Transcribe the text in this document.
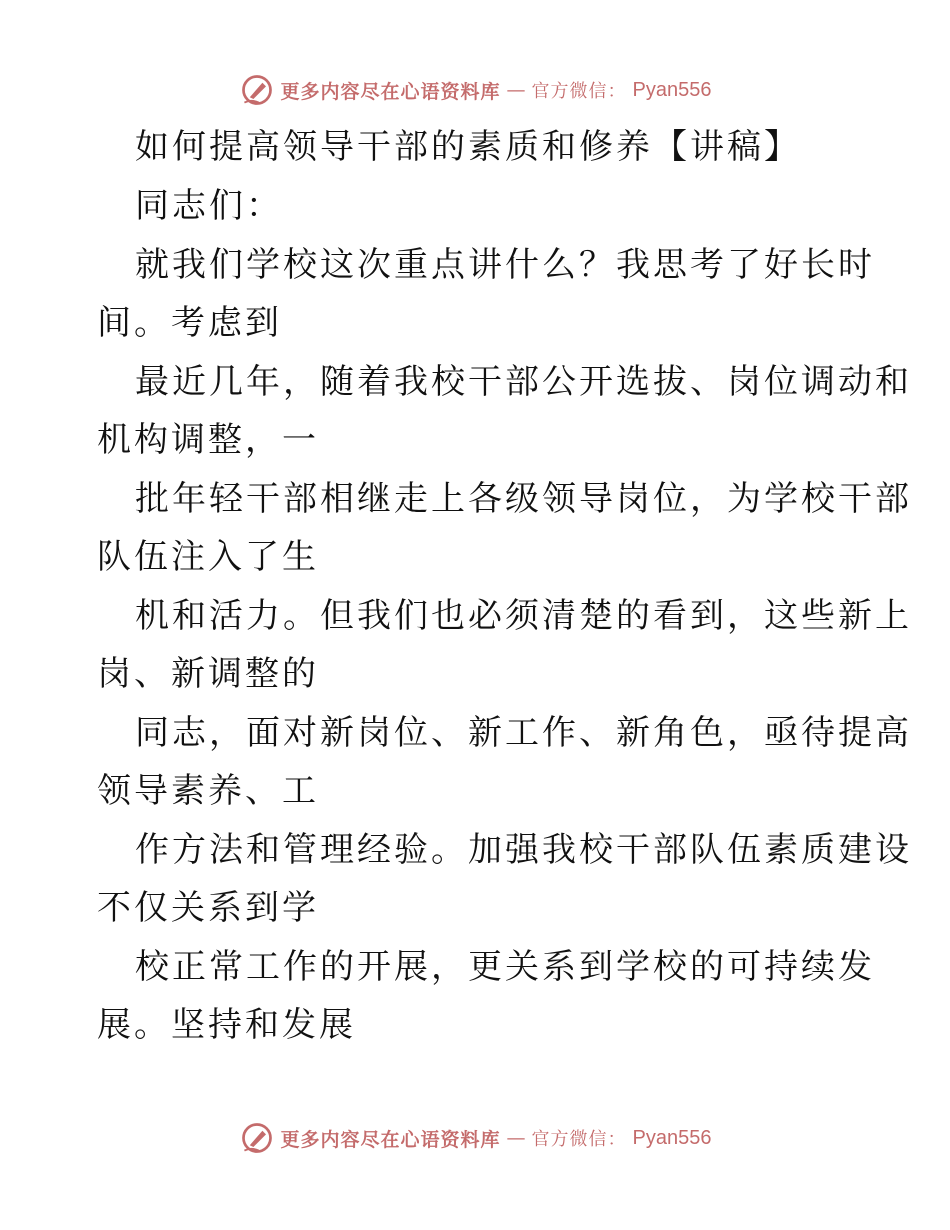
更多内容尽在心语资料库 — 官方微信： Pyan556
如何提高领导干部的素质和修养【讲稿】
同志们：
就我们学校这次重点讲什么？我思考了好长时
间。考虑到
最近几年，随着我校干部公开选拔、岗位调动和
机构调整，一
批年轻干部相继走上各级领导岗位，为学校干部
队伍注入了生
机和活力。但我们也必须清楚的看到，这些新上
岗、新调整的
同志，面对新岗位、新工作、新角色，亟待提高
领导素养、工
作方法和管理经验。加强我校干部队伍素质建设
不仅关系到学
校正常工作的开展，更关系到学校的可持续发
展。坚持和发展
更多内容尽在心语资料库 — 官方微信： Pyan556
